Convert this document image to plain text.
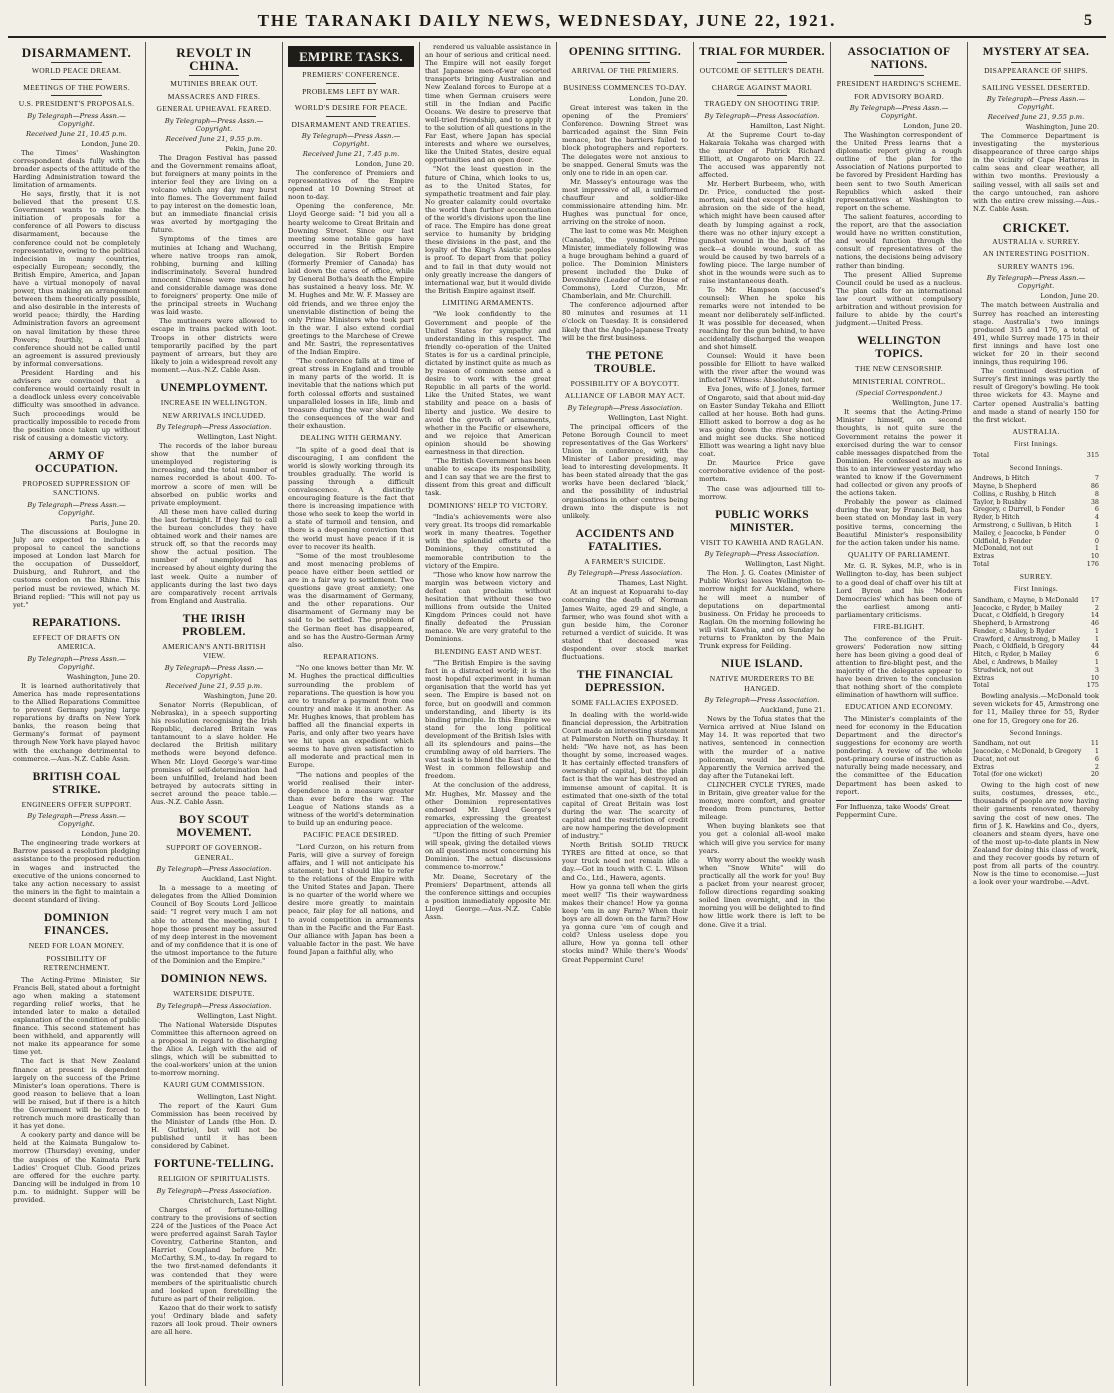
THE TARANAKI DAILY NEWS, WEDNESDAY, JUNE 22, 1921.	5
DISARMAMENT.
WORLD PEACE DREAM.
MEETINGS OF THE POWERS.
U.S. PRESIDENT'S PROPOSALS.
By Telegraph—Press Assn.—Copyright.
Received June 21, 10.45 p.m.
London, June 20.

The Times' Washington correspondent deals fully with the broader aspects of the attitude of the Harding Administration toward the limitation of armaments.

He says, firstly, that it is not believed that the present U.S. Government wants to make the initiation of proposals for a conference of all Powers to discuss disarmament, because the conference could not be completely representative, owing to the political indecision in many countries, especially European; secondly, the British Empire, America, and Japan have a virtual monopoly of naval power, thus making an arrangement between them theoretically possible, and also desirable in the interests of world peace; thirdly, the Harding Administration favors an agreement on naval limitation by these three Powers; fourthly, a formal conference should not be called until an agreement is assured previously by informal conversations.

President Harding and his advisers are convinced that a conference would certainly result in a deadlock unless every conceivable difficulty was smoothed in advance. Such proceedings would be practically impossible to recede from the position once taken up without risk of causing a domestic victory.

ARMY OF OCCUPATION.
PROPOSED SUPPRESSION OF SANCTIONS.
By Telegraph—Press Assn.—Copyright.
Paris, June 20.

The discussions at Boulogne in July are expected to include a proposal to cancel the sanctions imposed at London last March for the occupation of Dusseldorf, Duisburg, and Ruhrort, and the customs cordon on the Rhine. This period must be reviewed, which M. Briand replied: "This will not pay us yet."

REPARATIONS.
EFFECT OF DRAFTS ON AMERICA.
By Telegraph—Press Assn.—Copyright.
Washington, June 20.

It is learned authoritatively that America has made representations to the Allied Reparations Committee to prevent Germany paying large reparations by drafts on New York banks, the reason being that Germany's format of payment through New York have played havoc with the exchange detrimental to commerce.—Aus.-N.Z. Cable Assn.

BRITISH COAL STRIKE.
ENGINEERS OFFER SUPPORT.
By Telegraph—Press Assn.—Copyright.
London, June 20.

The engineering trade workers at Barrow passed a resolution pledging assistance to the proposed reduction in wages and instructed the executive of the unions concerned to take any action necessary to assist the miners in the fight to maintain a decent standard of living.

DOMINION FINANCES.
NEED FOR LOAN MONEY.
POSSIBILITY OF RETRENCHMENT.

The Acting-Prime Minister, Sir Francis Bell, stated about a fortnight ago when making a statement regarding relief works, that he intended later to make a detailed explanation of the condition of public finance. This second statement has been withheld, and apparently will not make its appearance for some time yet.

The fact is that New Zealand finance at present is dependent largely on the success of the Prime Minister's loan operations. There is good reason to believe that a loan will be raised, but if there is a hitch the Government will be forced to retrench much more drastically than it has yet done.

A cookery party and dance will be held at the Kaimata Bungalow to-morrow (Thursday) evening, under the auspices of the Kaimata Park Ladies' Croquet Club. Good prizes are offered for the euchre party. Dancing will be indulged in from 10 p.m. to midnight. Supper will be provided.

REVOLT IN CHINA.
MUTINIES BREAK OUT.
MASSACRES AND FIRES.
GENERAL UPHEAVAL FEARED.
By Telegraph—Press Assn.—Copyright.
Received June 21, 9.55 p.m.
Pekin, June 20.

The Dragon Festival has passed and the Government remains afloat, but foreigners at many points in the interior feel they are living on a volcano which any day may burst into flames. The Government failed to pay interest on the domestic loan, but an immediate financial crisis was averted by mortgaging the future.

Symptoms of the times are mutinies at Ichang and Wuchang, where native troops ran amok, robbing, burning and killing indiscriminately. Several hundred innocent Chinese were massacred and considerable damage was done to foreigners' property. One mile of the principal streets in Wuchang was laid waste.

The mutineers were allowed to escape in trains packed with loot. Troops in other districts were temporarily pacified by the part payment of arrears, but they are likely to join a widespread revolt any moment.—Aus.-N.Z. Cable Assn.

UNEMPLOYMENT.
INCREASE IN WELLINGTON.
NEW ARRIVALS INCLUDED.
By Telegraph—Press Association.
Wellington, Last Night.

The records of the labor bureau show that the number of unemployed registering is increasing, and the total number of names recorded is about 400. To-morrow a score of men will be absorbed on public works and private employment.

All these men have called during the last fortnight. If they fail to call the bureau concludes they have obtained work and their names are struck off, so that the records may show the actual position. The number of unemployed has increased by about eighty during the last week. Quite a number of applicants during the last two days are comparatively recent arrivals from England and Australia.

THE IRISH PROBLEM.
AMERICAN'S ANTI-BRITISH VIEW.
By Telegraph—Press Assn.—Copyright.
Received June 21, 9.55 p.m.
Washington, June 20.

Senator Norris (Republican, of Nebraska), in a speech supporting his resolution recognising the Irish Republic, declared Britain was tantamount to a slave holder. He declared the British military methods were beyond defence. When Mr. Lloyd George's war-time promises of self-determination had been unfulfilled, Ireland had been betrayed by autocrats sitting in secret around the peace table.—Aus.-N.Z. Cable Assn.

BOY SCOUT MOVEMENT.
SUPPORT OF GOVERNOR-GENERAL.
By Telegraph—Press Association.
Auckland, Last Night.

In a message to a meeting of delegates from the Allied Dominion Council of Boy Scouts Lord Jellicoe said: "I regret very much I am not able to attend the meeting, but I hope those present may be assured of my deep interest in the movement and of my confidence that it is one of the utmost importance to the future of the Dominion and the Empire."

DOMINION NEWS.
WATERSIDE DISPUTE.
By Telegraph—Press Association.
Wellington, Last Night.

The National Waterside Disputes Committee this afternoon agreed on a proposal in regard to discharging the Alice A. Leigh with the aid of slings, which will be submitted to the coal-workers' union at the union to-morrow morning.

KAURI GUM COMMISSION.
Wellington, Last Night.

The report of the Kauri Gum Commission has been received by the Minister of Lands (the Hon. D. H. Guthrie), but will not be published until it has been considered by Cabinet.

FORTUNE-TELLING.
RELIGION OF SPIRITUALISTS.
By Telegraph—Press Association.
Christchurch, Last Night.

Charges of fortune-telling contrary to the provisions of section 224 of the Justices of the Peace Act were preferred against Sarah Taylor Coventry, Catherine Stanton, and Harriet Coupland before Mr. McCarthy, S.M., to-day. In regard to the two first-named defendants it was contended that they were members of the spiritualistic church and looked upon foretelling the future as part of their religion.

Kazoo that do their work to satisfy you! Ordinary blade and safety razors all look proud. Their owners are all here.

EMPIRE TASKS.
PREMIERS' CONFERENCE.
PROBLEMS LEFT BY WAR.
WORLD'S DESIRE FOR PEACE.
DISARMAMENT AND TREATIES.
By Telegraph—Press Assn.—Copyright.
Received June 21, 7.45 p.m.
London, June 20.

The conference of Premiers and representatives of the Empire opened at 10 Downing Street at noon to-day.

Opening the conference, Mr. Lloyd George said: "I bid you all a hearty welcome to Great Britain and Downing Street. Since our last meeting some notable gaps have occurred in the British Empire delegation. Sir Robert Borden (formerly Premier of Canada) has laid down the cares of office, while by General Botha's death the Empire has sustained a heavy loss. Mr. W. M. Hughes and Mr. W. F. Massey are old friends, and we three enjoy the unenviable distinction of being the only Prime Ministers who took part in the war. I also extend cordial greetings to the Marchese of Crewe and Mr. Sastri, the representatives of the Indian Empire.

"The conference falls at a time of great stress in England and trouble in many parts of the world. It is inevitable that the nations which put forth colossal efforts and sustained unparalleled losses in life, limb and treasure during the war should feel the consequences of the war and their exhaustion.

DEALING WITH GERMANY.

"In spite of a good deal that is discouraging, I am confident the world is slowly working through its troubles gradually. The world is passing through a difficult convalescence. A distinctly encouraging feature is the fact that there is increasing impatience with those who seek to keep the world in a state of turmoil and tension, and there is a deepening conviction that the world must have peace if it is ever to recover its health.

"Some of the most troublesome and most menacing problems of peace have either been settled or are in a fair way to settlement. Two questions gave great anxiety; one was the disarmament of Germany, and the other reparations. Our disarmament of Germany may be said to be settled. The problem of the German fleet has disappeared, and so has the Austro-German Army also.

REPARATIONS.

"No one knows better than Mr. W. M. Hughes the practical difficulties surrounding the problem of reparations. The question is how you are to transfer a payment from one country and make it in another. As Mr. Hughes knows, that problem has baffled all the financial experts in Paris, and only after two years have we hit upon an expedient which seems to have given satisfaction to all moderate and practical men in Europe.

"The nations and peoples of the world realised their inter-dependence in a measure greater than ever before the war. The League of Nations stands as a witness of the world's determination to build up an enduring peace.

PACIFIC PEACE DESIRED.

"Lord Curzon, on his return from Paris, will give a survey of foreign affairs, and I will not anticipate his statement; but I should like to refer to the relations of the Empire with the United States and Japan. There is no quarter of the world where we desire more greatly to maintain peace, fair play for all nations, and to avoid competition in armaments than in the Pacific and the Far East. Our alliance with Japan has been a valuable factor in the past. We have found Japan a faithful ally, who

rendered us valuable assistance in an hour of serious and critical need. The Empire will not easily forget that Japanese men-of-war escorted transports bringing Australian and New Zealand forces to Europe at a time when German cruisers were still in the Indian and Pacific Oceans. We desire to preserve that well-tried friendship, and to apply it to the solution of all questions in the Far East, where Japan has special interests and where we ourselves, like the United States, desire equal opportunities and an open door.

"Not the least question in the future of China, which looks to us, as to the United States, for sympathetic treatment and fair play. No greater calamity could overtake the world than further accentuation of the world's divisions upon the line of race. The Empire has done great service to humanity by bridging these divisions in the past, and the loyalty of the King's Asiatic peoples is proof. To depart from that policy and to fail in that duty would not only greatly increase the dangers of international war, but it would divide the British Empire against itself.

LIMITING ARMAMENTS.

"We look confidently to the Government and people of the United States for sympathy and understanding in this respect. The friendly co-operation of the United States is for us a cardinal principle, dictated by instinct quite as much as by reason of common sense and a desire to work with the great Republic in all parts of the world. Like the United States, we want stability and peace on a basis of liberty and justice. We desire to avoid the growth of armaments, whether in the Pacific or elsewhere, and we rejoice that American opinion should be showing earnestness in that direction.

"The British Government has been unable to escape its responsibility, and I can say that we are the first to dissent from this great and difficult task.

DOMINIONS' HELP TO VICTORY.

"India's achievements were also very great. Its troops did remarkable work in many theatres. Together with the splendid efforts of the Dominions, they constituted a memorable contribution to the victory of the Empire.

"Those who know how narrow the margin was between victory and defeat can proclaim without hesitation that without these two millions from outside the United Kingdom Princes could not have finally defeated the Prussian menace. We are very grateful to the Dominions.

BLENDING EAST AND WEST.

"The British Empire is the saving fact in a distracted world; it is the most hopeful experiment in human organisation that the world has yet seen. The Empire is based not on force, but on goodwill and common understanding, and liberty is its binding principle. In this Empire we stand for the long political development of the British Isles with all its splendours and pains—the crumbling away of old barriers. The vast task is to blend the East and the West in common fellowship and freedom.

At the conclusion of the address, Mr. Hughes, Mr. Massey and the other Dominion representatives endorsed Mr. Lloyd George's remarks, expressing the greatest appreciation of the welcome.

"Upon the fitting of such Premier will speak, giving the detailed views on all questions most concerning his Dominion. The actual discussions commence to-morrow."

Mr. Deane, Secretary of the Premiers' Department, attends all the conference sittings and occupies a position immediately opposite Mr. Lloyd George.—Aus.-N.Z. Cable Assn.

OPENING SITTING.
ARRIVAL OF THE PREMIERS.
BUSINESS COMMENCES TO-DAY.
London, June 20.

Great interest was taken in the opening of the Premiers' Conference. Downing Street was barricaded against the Sinn Fein menace, but the barriers failed to block photographers and reporters. The delegates were not anxious to be snapped. General Smuts was the only one to ride in an open car.

Mr. Massey's entourage was the most impressive of all, a uniformed chauffeur and soldier-like commissionaire attending him. Mr. Hughes was punctual for once, arriving on the stroke of noon.

The last to come was Mr. Meighen (Canada), the youngest Prime Minister, immediately following was a huge brougham behind a guard of police. The Dominion Ministers present included the Duke of Devonshire (Leader of the House of Commons), Lord Curzon, Mr. Chamberlain, and Mr. Churchill.

The conference adjourned after 80 minutes and resumes at 11 o'clock on Tuesday. It is considered likely that the Anglo-Japanese Treaty will be the first business.

THE PETONE TROUBLE.
POSSIBILITY OF A BOYCOTT.
ALLIANCE OF LABOR MAY ACT.
By Telegraph—Press Association.
Wellington, Last Night.

The principal officers of the Petone Borough Council to meet representatives of the Gas Workers' Union in conference, with the Minister of Labor presiding, may lead to interesting developments. It has been stated already that the gas works have been declared 'black,' and the possibility of industrial organisations in other centres being drawn into the dispute is not unlikely.

ACCIDENTS AND FATALITIES.
A FARMER'S SUICIDE.
By Telegraph—Press Association.
Thames, Last Night.

At an inquest at Kopuarahi to-day concerning the death of Norman James Waite, aged 29 and single, a farmer, who was found shot with a gun beside him, the Coroner returned a verdict of suicide. It was stated that deceased was despondent over stock market fluctuations.

THE FINANCIAL DEPRESSION.
SOME FALLACIES EXPOSED.

In dealing with the world-wide financial depression, the Arbitration Court made an interesting statement at Palmerston North on Thursday. It held: "We have not, as has been thought by some, increased wages. It has certainly effected transfers of ownership of capital, but the plain fact is that the war has destroyed an immense amount of capital. It is estimated that one-sixth of the total capital of Great Britain was lost during the war. The scarcity of capital and the restriction of credit are now hampering the development of industry."

North British SOLID TRUCK TYRES are fitted at once, so that your truck need not remain idle a day.—Got in touch with C. L. Wilson and Co., Ltd., Hawera, agents.

How ya gonna tell when the girls meet well? 'Tis their waywardness makes their chance! How ya gonna keep 'em in any Farm? When their boys are all down on the farm? How ya gonna cure 'em of cough and cold? Unless useless dope you allure, How ya gonna tell other stocks mind? While there's Woods' Great Peppermint Cure!

TRIAL FOR MURDER.
OUTCOME OF SETTLER'S DEATH.
CHARGE AGAINST MAORI.
TRAGEDY ON SHOOTING TRIP.
By Telegraph—Press Association.
Hamilton, Last Night.

At the Supreme Court to-day Hakaraia Tekaha was charged with the murder of Patrick Richard Elliott, at Ongaroto on March 22. The accused was apparently not affected.

Mr. Herbert Burbeem, who, with Dr. Price, conducted the post-mortem, said that except for a slight abrasion on the side of the head, which might have been caused after death by lumping against a rock, there was no other injury except a gunshot wound in the back of the neck—a double wound, such as would be caused by two barrels of a fowling piece. The large number of shot in the wounds were such as to raise instantaneous death.

To Mr. Hampson (accused's counsel): When he spoke his remarks were not intended to be meant nor deliberately self-inflicted. It was possible for deceased, when reaching for the gun behind, to have accidentally discharged the weapon and shot himself.

Counsel: Would it have been possible for Elliott to have walked with the river after the wound was inflicted? Witness: Absolutely not.

Eva Jones, wife of J. Jones, farmer of Ongaroto, said that about mid-day on Easter Sunday Tekaha and Elliott called at her house. Both had guns. Elliott asked to borrow a dog as he was going down the river shooting and might see ducks. She noticed Elliott was wearing a light navy blue coat.

Dr. Maurice Price gave corroborative evidence of the post-mortem.

The case was adjourned till to-morrow.

PUBLIC WORKS MINISTER.
VISIT TO KAWHIA AND RAGLAN.
By Telegraph—Press Association.
Wellington, Last Night.

The Hon. J. G. Coates (Minister of Public Works) leaves Wellington to-morrow night for Auckland, where he will meet a number of deputations on departmental business. On Friday he proceeds to Raglan. On the morning following he will visit Kawhia, and on Sunday he returns to Frankton by the Main Trunk express for Feilding.

NIUE ISLAND.
NATIVE MURDERERS TO BE HANGED.
By Telegraph—Press Association.
Auckland, June 21.

News by the Tofua states that the Vernica arrived at Niue Island on May 14. It was reported that two natives, sentenced in connection with the murder of a native policeman, would be hanged. Apparently the Vernica arrived the day after the Tutanekai left.

CLINCHER CYCLE TYRES, made in Britain, give greater value for the money, more comfort, and greater freedom from punctures, better mileage.

When buying blankets see that you get a colonial all-wool make which will give you service for many years.

Why worry about the weekly wash when "Snow White" will do practically all the work for you! Buy a packet from your nearest grocer, follow directions regarding soaking soiled linen overnight, and in the morning you will be delighted to find how little work there is left to be done. Give it a trial.

ASSOCIATION OF NATIONS.
PRESIDENT HARDING'S SCHEME.
FOR ADVISORY BOARD.
By Telegraph—Press Assn.—Copyright.
London, June 20.

The Washington correspondent of the United Press learns that a diplomatic report giving a rough outline of the plan for the Association of Nations purported to be favored by President Harding has been sent to two South American Republics which asked their representatives at Washington to report on the scheme.

The salient features, according to the report, are that the association would have no written constitution, and would function through the consult of representatives of the nations, the decisions being advisory rather than binding.

The present Allied Supreme Council could be used as a nucleus. The plan calls for an international law court without compulsory arbitration and without provision for failure to abide by the court's judgment.—United Press.

WELLINGTON TOPICS.
THE NEW CENSORSHIP.
MINISTERIAL CONTROL.
(Special Correspondent.)
Wellington, June 17.

It seems that the Acting-Prime Minister himself, on second thoughts, is not quite sure the Government retains the power it exercised during the war to censor cable messages dispatched from the Dominion. He confessed as much as this to an interviewer yesterday who wanted to know if the Government had collected or given any proofs of the actions taken.

Probably the power as claimed during the war, by Francis Bell, has been stated on Monday last in very positive terms, concerning the Beautiful Minister's responsibility for the action taken under his name.

QUALITY OF PARLIAMENT.

Mr. G. R. Sykes, M.P., who is in Wellington to-day, has been subject to a good deal of chaff over his tilt at Lord Byron and his 'Modern Democracies' which has been one of the earliest among anti-parliamentary criticisms.

FIRE-BLIGHT.

The conference of the Fruit-growers' Federation now sitting here has been giving a good deal of attention to fire-blight pest, and the majority of the delegates appear to have been driven to the conclusion that nothing short of the complete elimination of hawthorn will suffice.

EDUCATION AND ECONOMY.

The Minister's complaints of the need for economy in the Education Department and the director's suggestions for economy are worth pondering. A review of the whole post-primary course of instruction as naturally being made necessary, and the committee of the Education Department has been asked to report.

For Influenza, take Woods' Great Peppermint Cure.
MYSTERY AT SEA.
DISAPPEARANCE OF SHIPS.
SAILING VESSEL DESERTED.
By Telegraph—Press Assn.—Copyright.
Received June 21, 9.55 p.m.
Washington, June 20.

The Commerce Department is investigating the mysterious disappearance of three cargo ships in the vicinity of Cape Hatteras in calm seas and clear weather, all within two months. Previously a sailing vessel, with all sails set and the cargo untouched, ran ashore with the entire crew missing.—Aus.-N.Z. Cable Assn.

CRICKET.
AUSTRALIA v. SURREY.
AN INTERESTING POSITION.
SURREY WANTS 196.
By Telegraph—Press Assn.—Copyright.
London, June 20.

The match between Australia and Surrey has reached an interesting stage. Australia's two innings produced 315 and 176, a total of 491, while Surrey made 175 in their first innings and have lost one wicket for 20 in their second innings, thus requiring 196.

The continued destruction of Surrey's first innings was partly the result of Gregory's bowling. He took three wickets for 43. Mayne and Carter opened Australia's batting and made a stand of nearly 150 for the first wicket.

AUSTRALIA.
First Innings.
Total	315
Second Innings.
Andrews, b Hitch	7
Mayne, b Shepherd	86
Collins, c Rushby, b Hitch	8
Taylor, b Rushby	38
Gregory, c Durrell, b Fender	6
Ryder, b Hitch	4
Armstrong, c Sullivan, b Hitch	1
Mailey, c Jeacocke, b Fender	0
Oldfield, b Fender	0
McDonald, not out	1
Extras	10
Total	176
SURREY.
First Innings.
Sandham, c Mayne, b McDonald 17
Jeacocke, c Ryder, b Mailey	2
Ducat, c Oldfield, b Gregory	14
Shepherd, b Armstrong	46
Fender, c Mailey, b Ryder	1
Crawford, c Armstrong, b Mailey 1
Peach, c Oldfield, b Gregory	44
Hitch, c Ryder, b Mailey	6
Abel, c Andrews, b Mailey	1
Strudwick, not out	3
Extras	10
Total	175

Bowling analysis.—McDonald took seven wickets for 45, Armstrong one for 11, Mailey three for 55, Ryder one for 15, Gregory one for 26.

Second Innings.
Sandham, not out	11
Jeacocke, c McDonald, b Gregory 1
Ducat, not out	6
Extras	2
Total (for one wicket)	20

Owing to the high cost of new suits, costumes, dresses, etc., thousands of people are now having their garments renovated, thereby saving the cost of new ones. The firm of J. K. Hawkins and Co., dyers, cleaners and steam dyers, have one of the most up-to-date plants in New Zealand for doing this class of work, and they recover goods by return of post from all parts of the country. Now is the time to economise.—Just a look over your wardrobe.—Advt.
